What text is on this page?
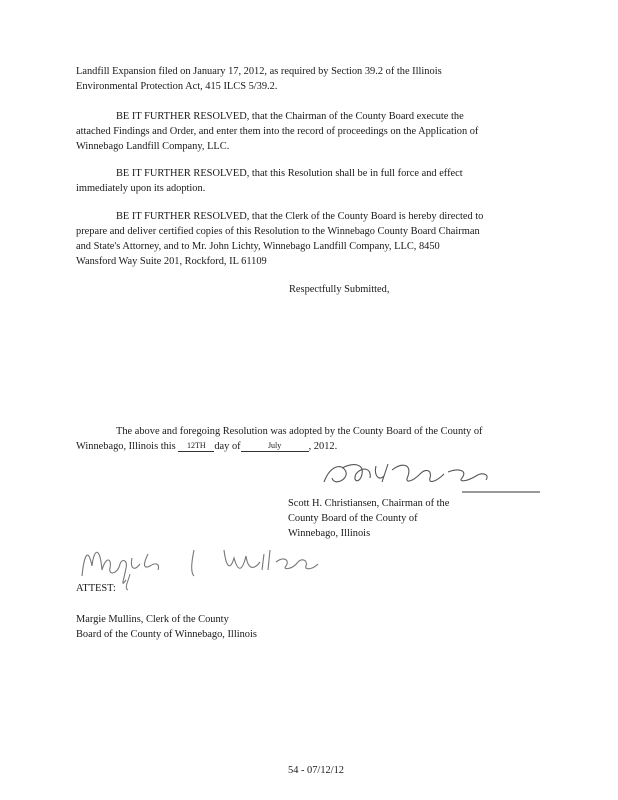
Landfill Expansion filed on January 17, 2012, as required by Section 39.2 of the Illinois
Environmental Protection Act, 415 ILCS 5/39.2.

BE IT FURTHER RESOLVED, that the Chairman of the County Board execute the
attached Findings and Order, and enter them into the record of proceedings on the Application of
Winnebago Landfill Company, LLC.

BE IT FURTHER RESOLVED, that this Resolution shall be in full force and effect
immediately upon its adoption.

BE IT FURTHER RESOLVED, that the Clerk of the County Board is hereby directed to
prepare and deliver certified copies of this Resolution to the Winnebago County Board Chairman
and State's Attorney, and to Mr. John Lichty, Winnebago Landfill Company, LLC, 8450
Wansford Way Suite 201, Rockford, IL 61109

Respectfully Submitted,
The above and foregoing Resolution was adopted by the County Board of the County of
Winnebago, Illinois this 12TH day of	July	, 2012.
Scott H. Christiansen, Chairman of the
County Board of the County of
Winnebago, Illinois
ATTEST:
Margie Mullins, Clerk of the County
Board of the County of Winnebago, Illinois
54 - 07/12/12
